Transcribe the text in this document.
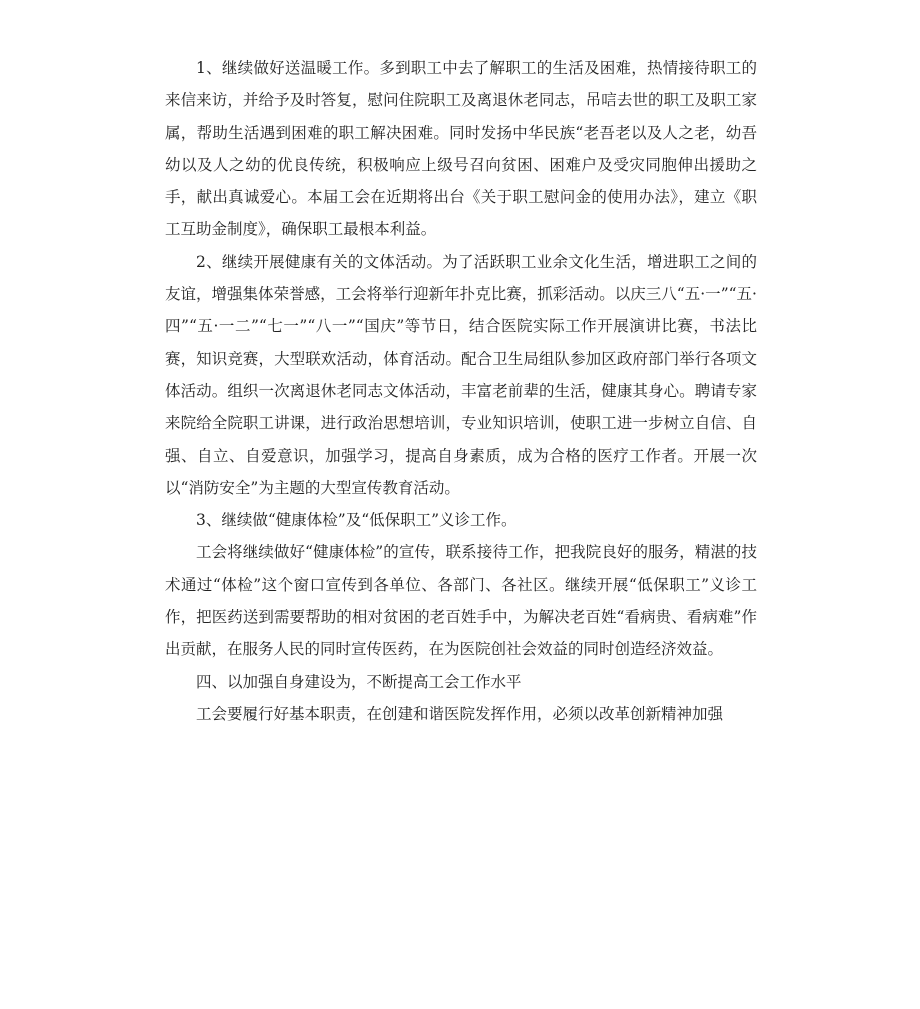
1、继续做好送温暖工作。多到职工中去了解职工的生活及困难，热情接待职工的来信来访，并给予及时答复，慰问住院职工及离退休老同志，吊唁去世的职工及职工家属，帮助生活遇到困难的职工解决困难。同时发扬中华民族“老吾老以及人之老，幼吾幼以及人之幼的优良传统，积极响应上级号召向贫困、困难户及受灾同胞伸出援助之手，献出真诚爱心。本届工会在近期将出台《关于职工慰问金的使用办法》，建立《职工互助金制度》，确保职工最根本利益。

2、继续开展健康有关的文体活动。为了活跃职工业余文化生活，增进职工之间的友谊，增强集体荣誉感，工会将举行迎新年扑克比赛，抓彩活动。以庆三八“五·一”“五·四”“五·一二”“七一”“八一”“国庆”等节日，结合医院实际工作开展演讲比赛，书法比赛，知识竞赛，大型联欢活动，体育活动。配合卫生局组队参加区政府部门举行各项文体活动。组织一次离退休老同志文体活动，丰富老前辈的生活，健康其身心。聘请专家来院给全院职工讲课，进行政治思想培训，专业知识培训，使职工进一步树立自信、自强、自立、自爱意识，加强学习，提高自身素质，成为合格的医疗工作者。开展一次以“消防安全”为主题的大型宣传教育活动。

3、继续做“健康体检”及“低保职工”义诊工作。

工会将继续做好“健康体检”的宣传，联系接待工作，把我院良好的服务，精湛的技术通过“体检”这个窗口宣传到各单位、各部门、各社区。继续开展“低保职工”义诊工作，把医药送到需要帮助的相对贫困的老百姓手中，为解决老百姓“看病贵、看病难”作出贡献，在服务人民的同时宣传医药，在为医院创社会效益的同时创造经济效益。

四、以加强自身建设为，不断提高工会工作水平

工会要履行好基本职责，在创建和谐医院发挥作用，必须以改革创新精神加强
